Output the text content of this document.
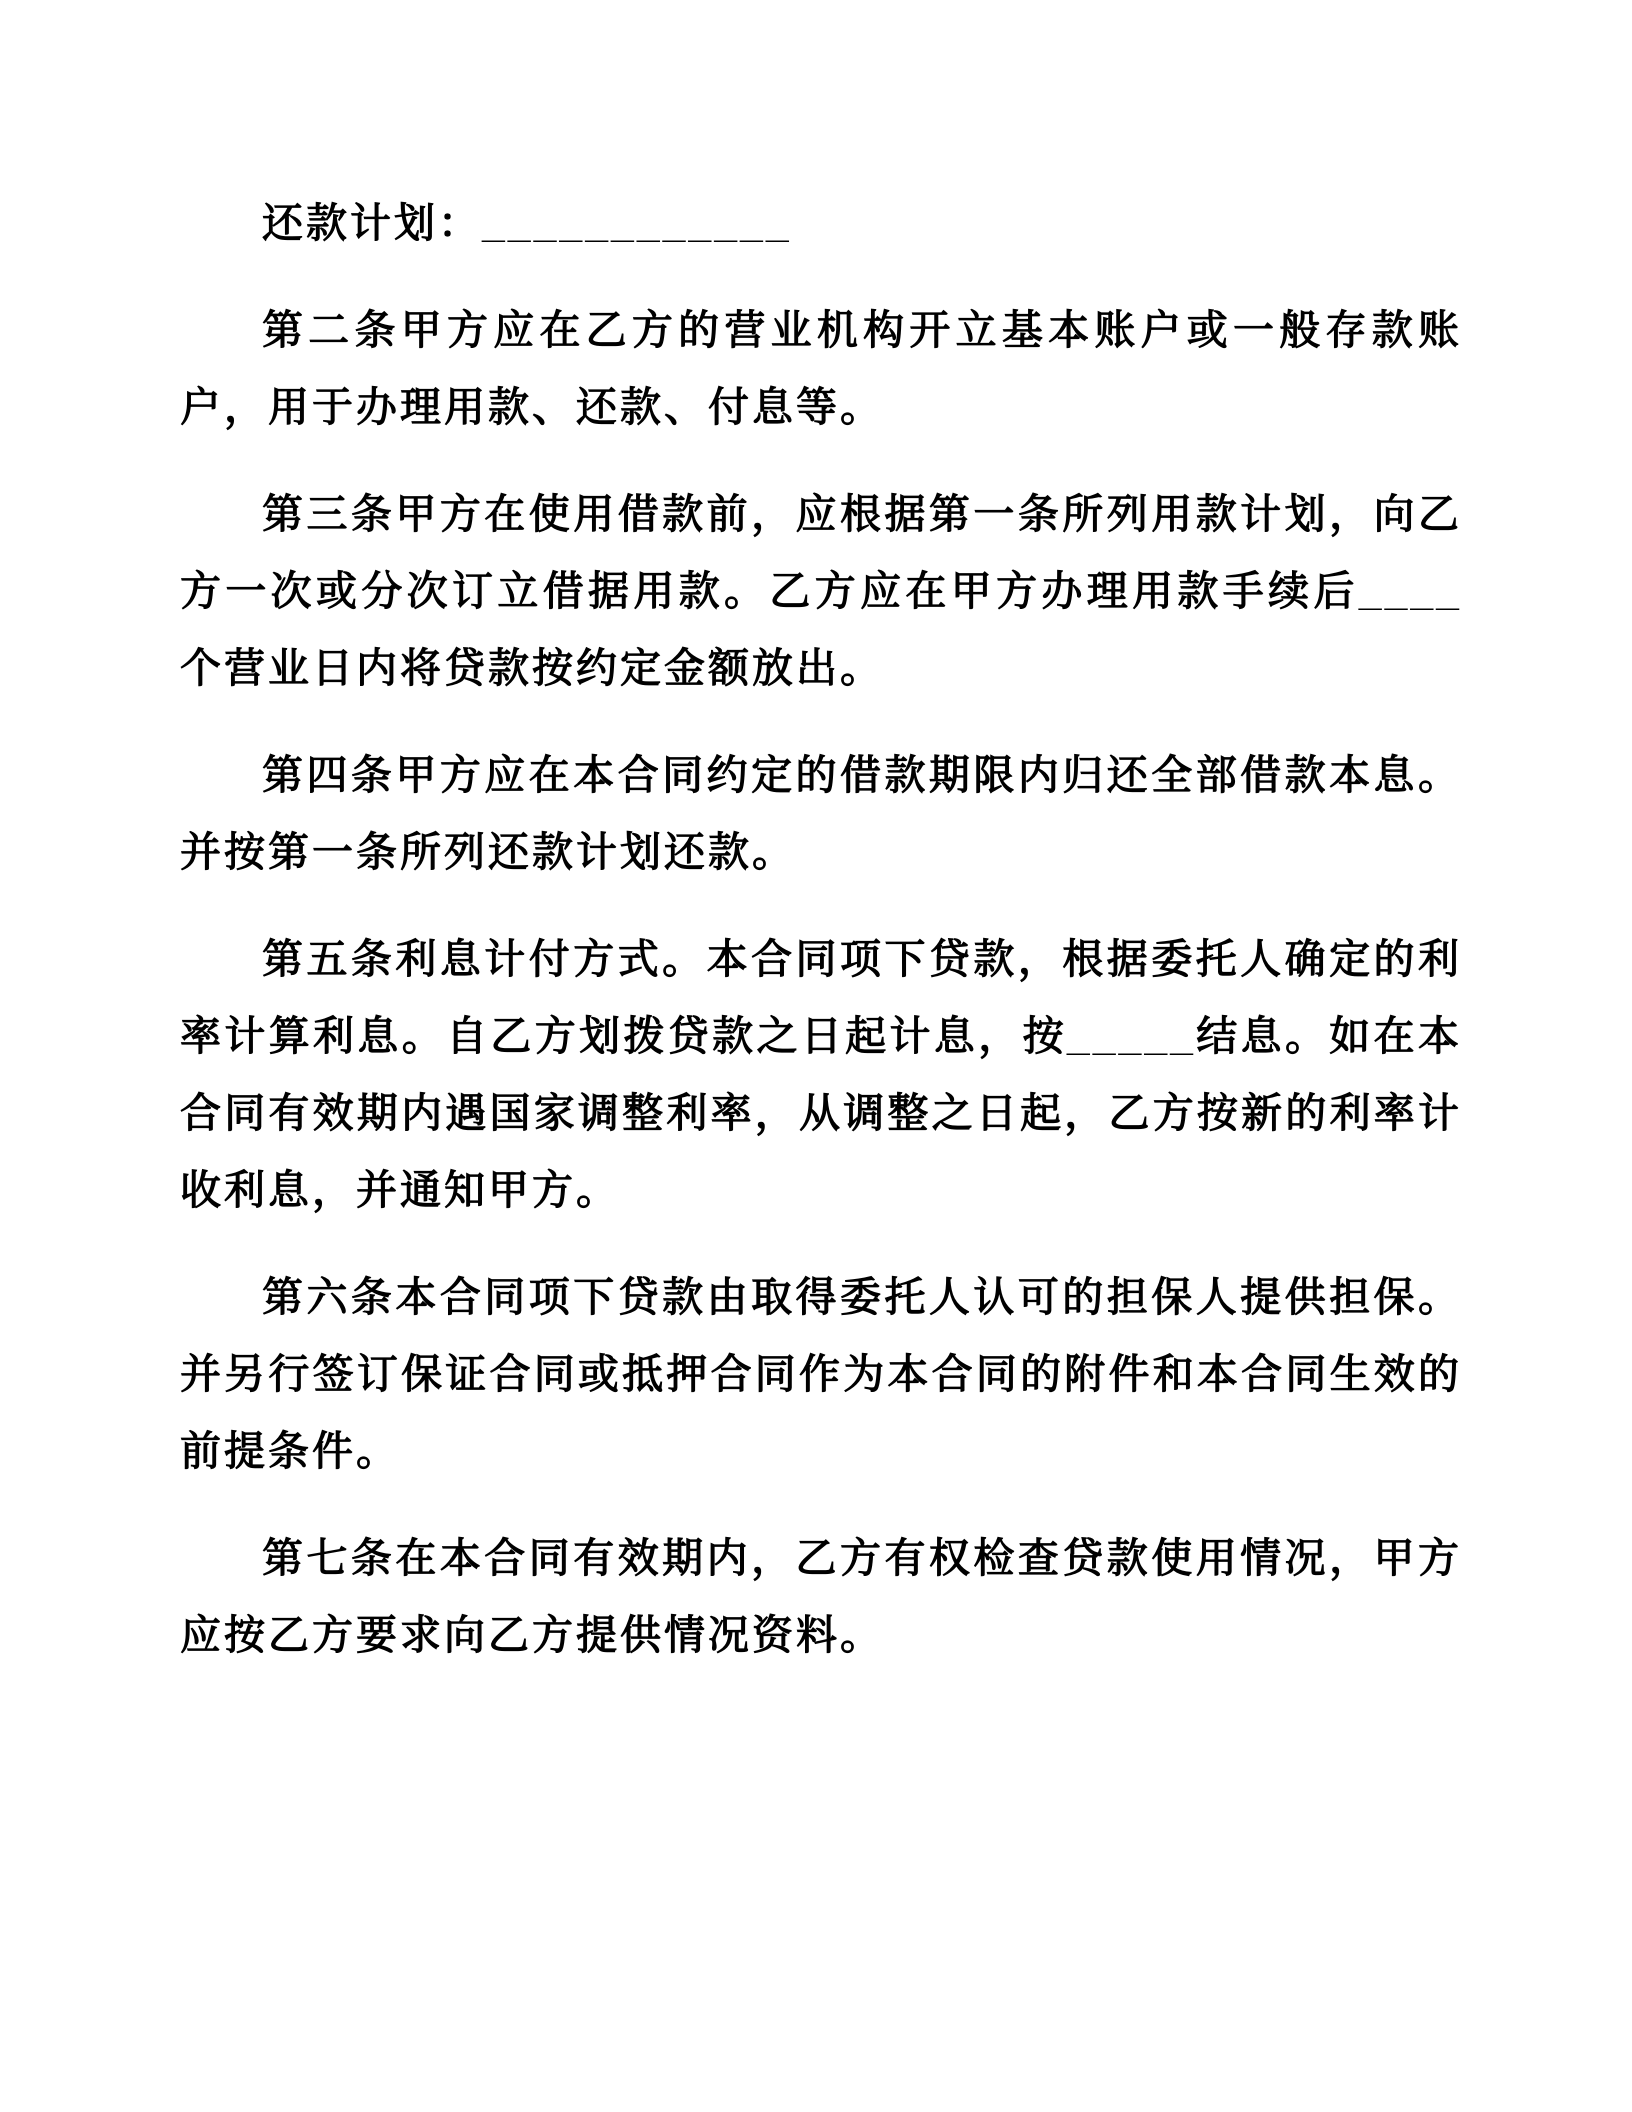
还款计划：____________

第二条甲方应在乙方的营业机构开立基本账户或一般存款账户，用于办理用款、还款、付息等。

第三条甲方在使用借款前，应根据第一条所列用款计划，向乙方一次或分次订立借据用款。乙方应在甲方办理用款手续后____个营业日内将贷款按约定金额放出。

第四条甲方应在本合同约定的借款期限内归还全部借款本息。并按第一条所列还款计划还款。

第五条利息计付方式。本合同项下贷款，根据委托人确定的利率计算利息。自乙方划拨贷款之日起计息，按_____结息。如在本合同有效期内遇国家调整利率，从调整之日起，乙方按新的利率计收利息，并通知甲方。

第六条本合同项下贷款由取得委托人认可的担保人提供担保。并另行签订保证合同或抵押合同作为本合同的附件和本合同生效的前提条件。

第七条在本合同有效期内，乙方有权检查贷款使用情况，甲方应按乙方要求向乙方提供情况资料。
